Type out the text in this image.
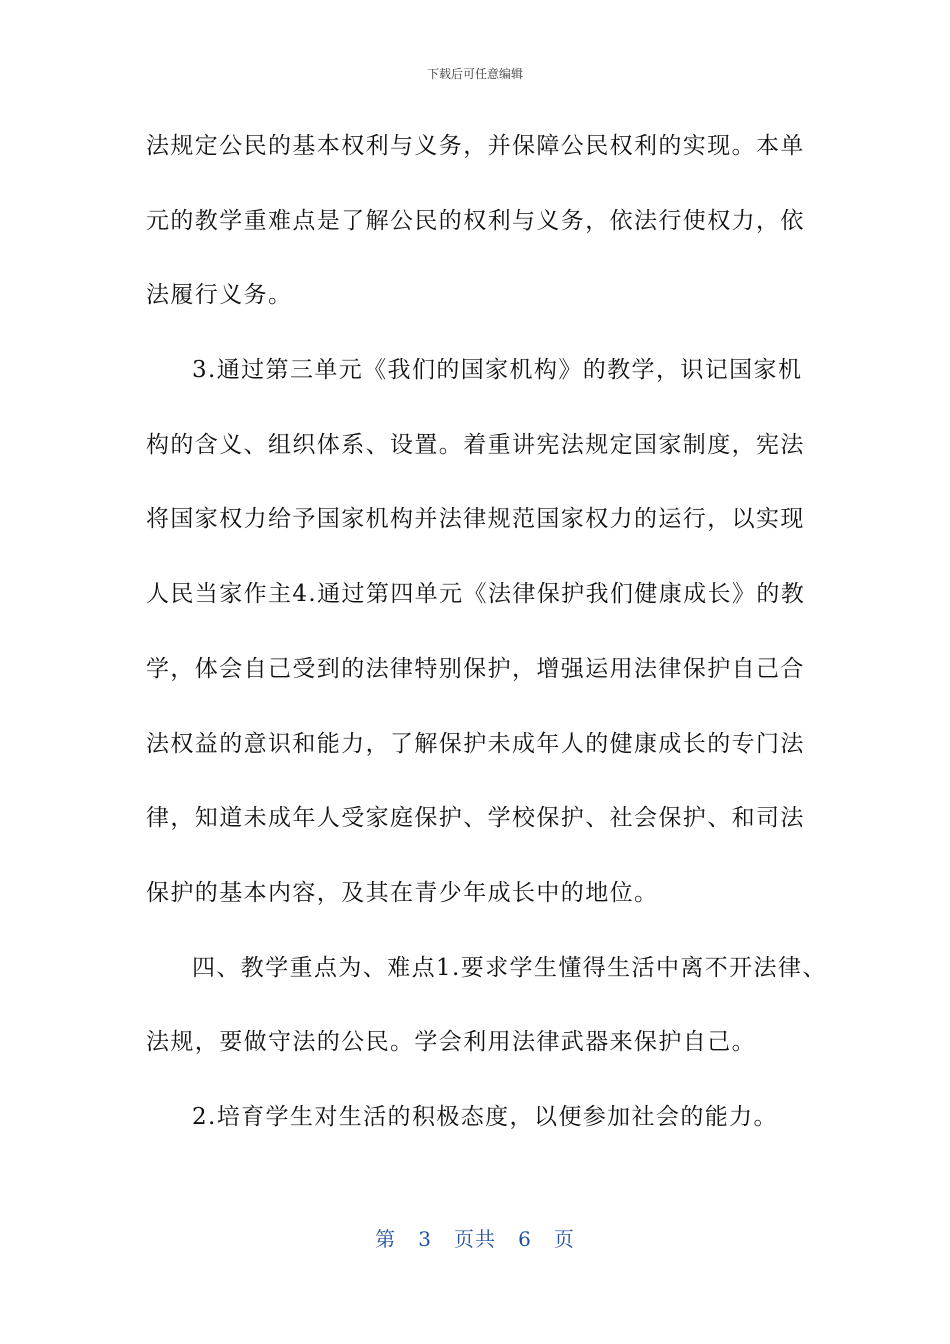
下载后可任意编辑
法规定公民的基本权利与义务，并保障公民权利的实现。本单
元的教学重难点是了解公民的权利与义务，依法行使权力，依
法履行义务。
3.通过第三单元《我们的国家机构》的教学，识记国家机
构的含义、组织体系、设置。着重讲宪法规定国家制度，宪法
将国家权力给予国家机构并法律规范国家权力的运行，以实现
人民当家作主4.通过第四单元《法律保护我们健康成长》的教
学，体会自己受到的法律特别保护，增强运用法律保护自己合
法权益的意识和能力，了解保护未成年人的健康成长的专门法
律，知道未成年人受家庭保护、学校保护、社会保护、和司法
保护的基本内容，及其在青少年成长中的地位。
四、教学重点为、难点1.要求学生懂得生活中离不开法律、
法规，要做守法的公民。学会利用法律武器来保护自己。
2.培育学生对生活的积极态度，以便参加社会的能力。
第 3 页共 6 页
